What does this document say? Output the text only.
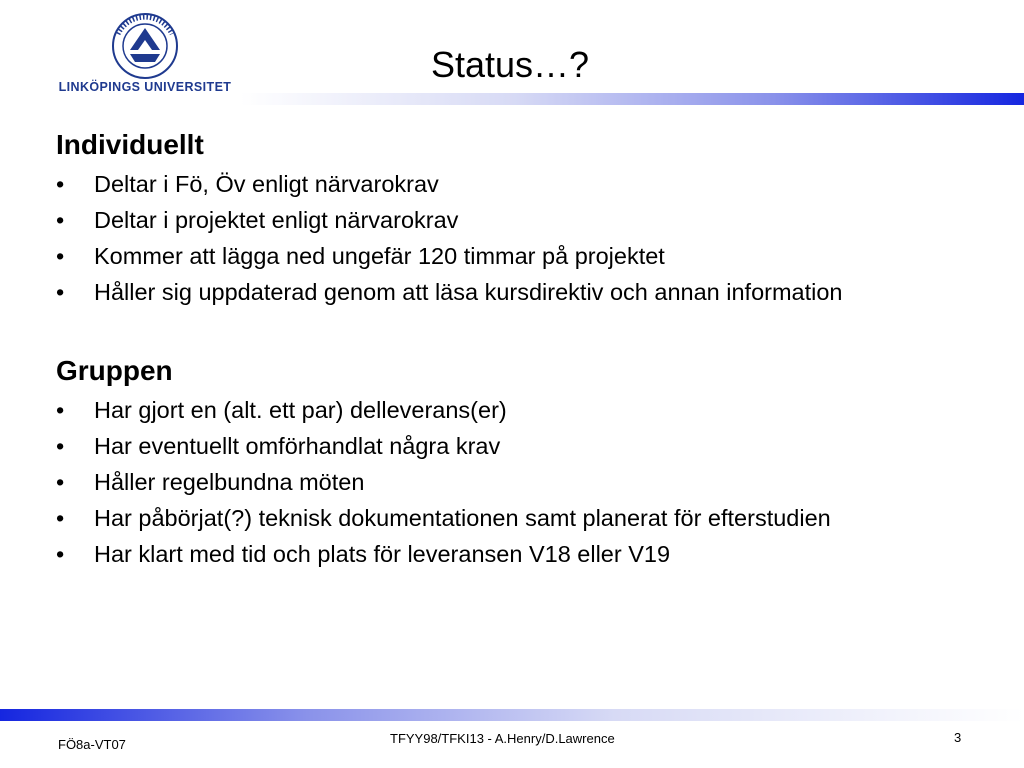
LINKÖPINGS UNIVERSITET
Status…?
Individuellt
• Deltar i Fö, Öv enligt närvarokrav
• Deltar i projektet enligt närvarokrav
• Kommer att lägga ned ungefär 120 timmar på projektet
• Håller sig uppdaterad genom att läsa kursdirektiv och annan information
Gruppen
• Har gjort en (alt. ett par) delleverans(er)
• Har eventuellt omförhandlat några krav
• Håller regelbundna möten
• Har påbörjat(?) teknisk dokumentationen samt planerat för efterstudien
• Har klart med tid och plats för leveransen V18 eller V19
FÖ8a-VT07	TFYY98/TFKI13 - A.Henry/D.Lawrence	3
